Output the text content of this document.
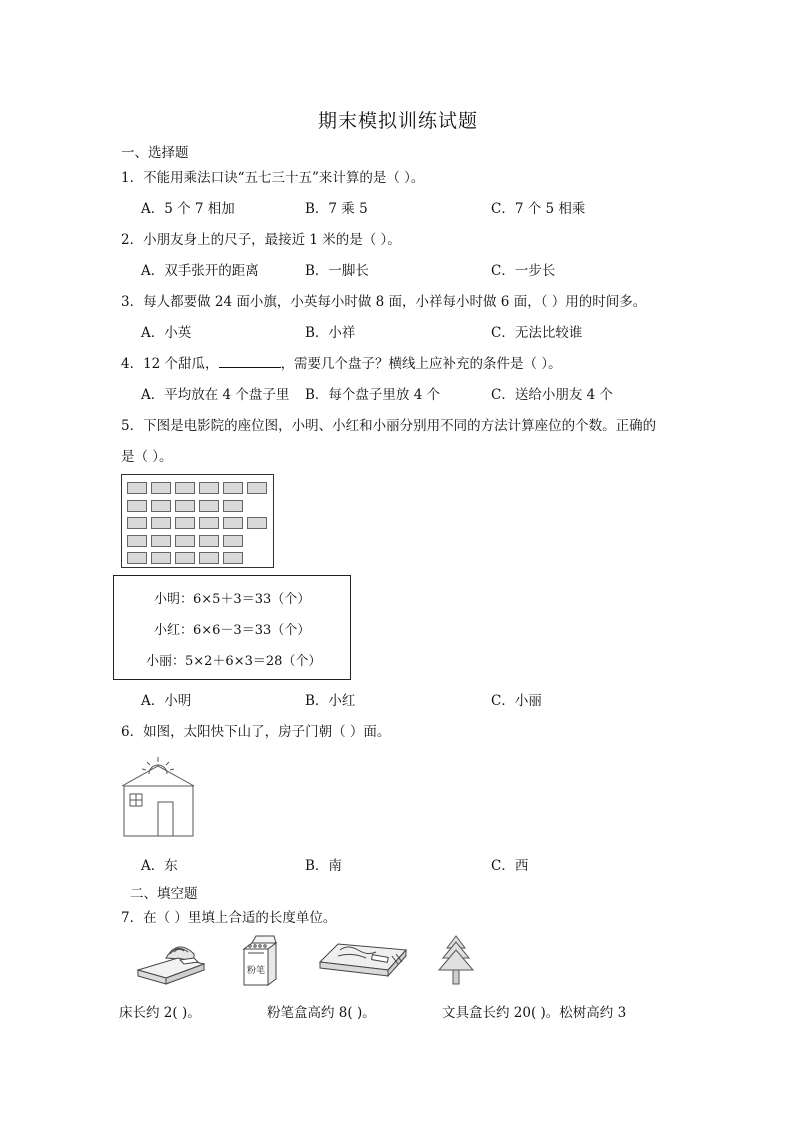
期末模拟训练试题
一、选择题
1．不能用乘法口诀“五七三十五”来计算的是（ ）。
A．5 个 7 相加	B．7 乘 5	C．7 个 5 相乘
2．小朋友身上的尺子，最接近 1 米的是（ ）。
A．双手张开的距离	B．一脚长	C．一步长
3．每人都要做 24 面小旗，小英每小时做 8 面，小祥每小时做 6 面，（ ）用的时间多。
A．小英	B．小祥	C．无法比较谁
4．12 个甜瓜，	，需要几个盘子？横线上应补充的条件是（ ）。
A．平均放在 4 个盘子里 B．每个盘子里放 4 个	C．送给小朋友 4 个
5．下图是电影院的座位图，小明、小红和小丽分别用不同的方法计算座位的个数。正确的
是（ ）。
小明：6×5＋3＝33（个）
小红：6×6－3＝33（个）
小丽：5×2＋6×3＝28（个）
A．小明	B．小红	C．小丽
6．如图，太阳快下山了，房子门朝（ ）面。
A．东	B．南	C．西
二、填空题
7．在（ ）里填上合适的长度单位。
粉笔
床长约 2( )。	粉笔盒高约 8( )。	文具盒长约 20( )。松树高约 3
